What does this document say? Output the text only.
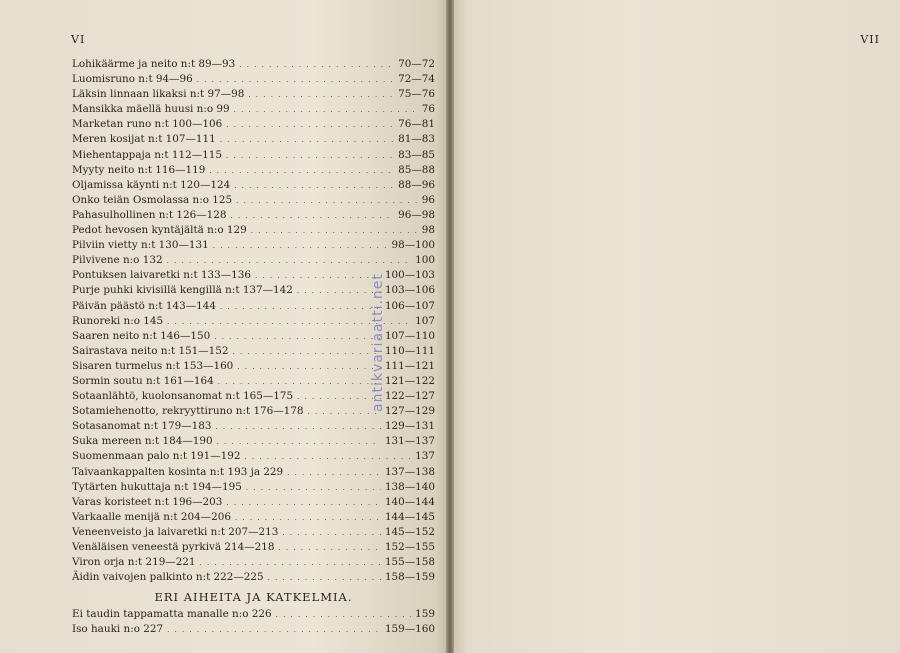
VI
Lohikäärme ja neito n:t 89—93 . . .	70—72
Luomisruno n:t 94—96 . . .	72—74
Läksin linnaan likaksi n:t 97—98 . . .	75—76
Mansikka mäellä huusi n:o 99 . . .	76
Marketan runo n:t 100—106 . . .	76—81
Meren kosijat n:t 107—111 . . .	81—83
Miehentappaja n:t 112—115 . . .	83—85
Myyty neito n:t 116—119 . . .	85—88
Oljamissa käynti n:t 120—124 . . .	88—96
Onko teiän Osmolassa n:o 125 . . .	96
Pahasulhollinen n:t 126—128 . . .	96—98
Pedot hevosen kyntäjältä n:o 129 . . .	98
Pilviin vietty n:t 130—131 . . .	98—100
Pilvivene n:o 132 . . .	100
Pontuksen laivaretki n:t 133—136 . . .	100—103
Purje puhki kivisillä kengillä n:t 137—142 . . .	103—106
Päivän päästö n:t 143—144 . . .	106—107
Runoreki n:o 145 . . .	107
Saaren neito n:t 146—150 . . .	107—110
Sairastava neito n:t 151—152 . . .	110—111
Sisaren turmelus n:t 153—160 . . .	111—121
Sormin soutu n:t 161—164 . . .	121—122
Sotaanlähtö, kuolonsanomat n:t 165—175 . . .	122—127
Sotamiehenotto, rekryyttiruno n:t 176—178 . . .	127—129
Sotasanomat n:t 179—183 . . .	129—131
Suka mereen n:t 184—190 . . .	131—137
Suomenmaan palo n:t 191—192 . . .	137
Taivaankappalten kosinta n:t 193 ja 229 . . .	137—138
Tytärten hukuttaja n:t 194—195 . . .	138—140
Varas koristeet n:t 196—203 . . .	140—144
Varkaalle menijä n:t 204—206 . . .	144—145
Veneenveisto ja laivaretki n:t 207—213 . . .	145—152
Venäläisen veneestä pyrkivä 214—218 . . .	152—155
Viron orja n:t 219—221 . . .	155—158
Äidin vaivojen palkinto n:t 222—225 . . .	158—159
ERI AIHEITA JA KATKELMIA.
Ei taudin tappamatta manalle n:o 226 . . .	159
Iso hauki n:o 227 . . .	159—160
antikvariaatti.net
VII
